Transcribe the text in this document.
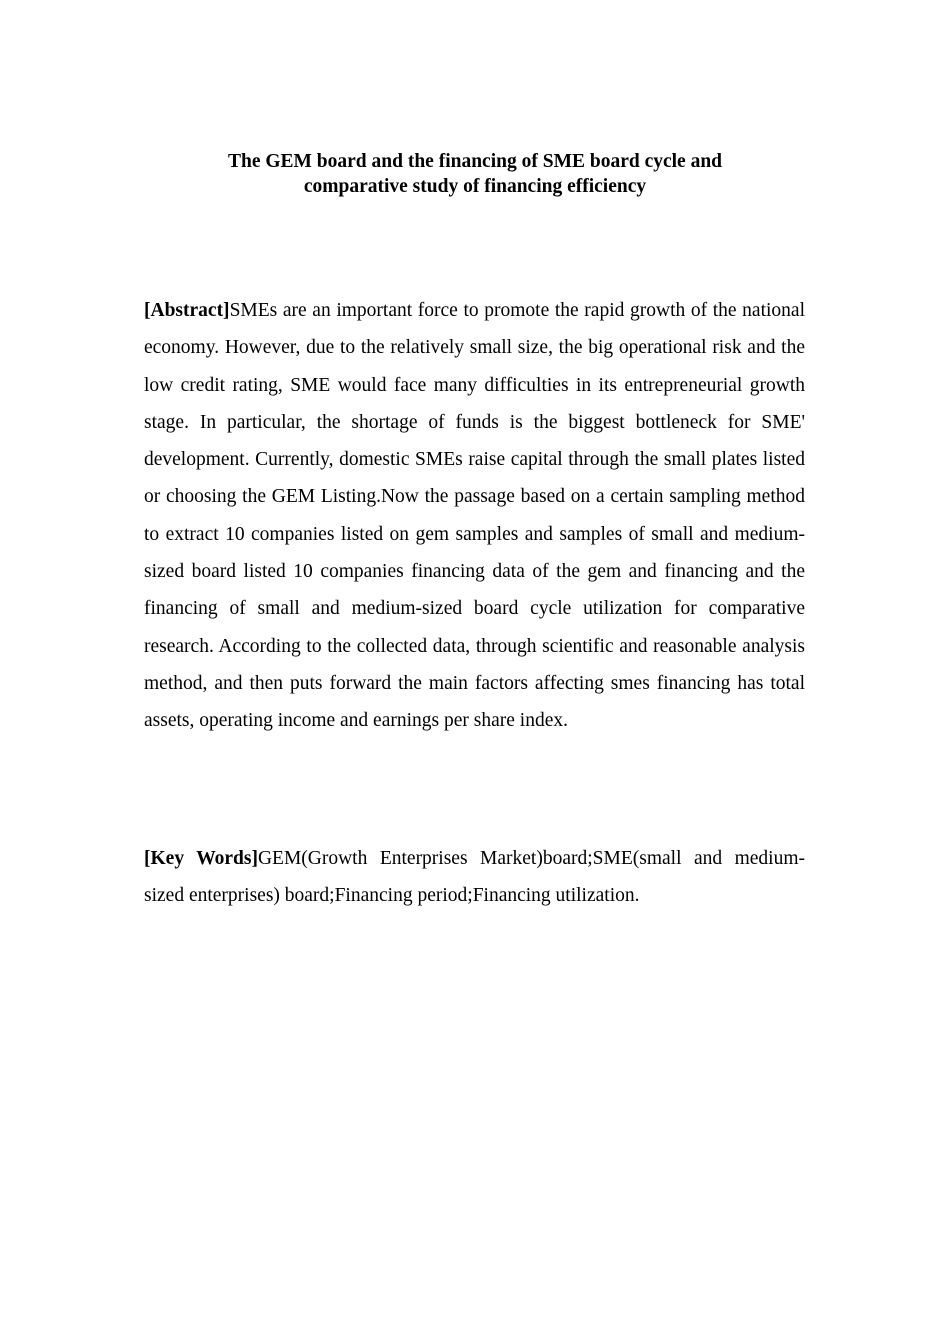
The GEM board and the financing of SME board cycle and
comparative study of financing efficiency

[Abstract]SMEs are an important force to promote the rapid growth of the national economy. However, due to the relatively small size, the big operational risk and the low credit rating, SME would face many difficulties in its entrepreneurial growth stage. In particular, the shortage of funds is the biggest bottleneck for SME' development. Currently, domestic SMEs raise capital through the small plates listed or choosing the GEM Listing.Now the passage based on a certain sampling method to extract 10 companies listed on gem samples and samples of small and medium-sized board listed 10 companies financing data of the gem and financing and the financing of small and medium-sized board cycle utilization for comparative research. According to the collected data, through scientific and reasonable analysis method, and then puts forward the main factors affecting smes financing has total assets, operating income and earnings per share index.

[Key Words]GEM(Growth Enterprises Market)board;SME(small and medium-sized enterprises) board;Financing period;Financing utilization.
